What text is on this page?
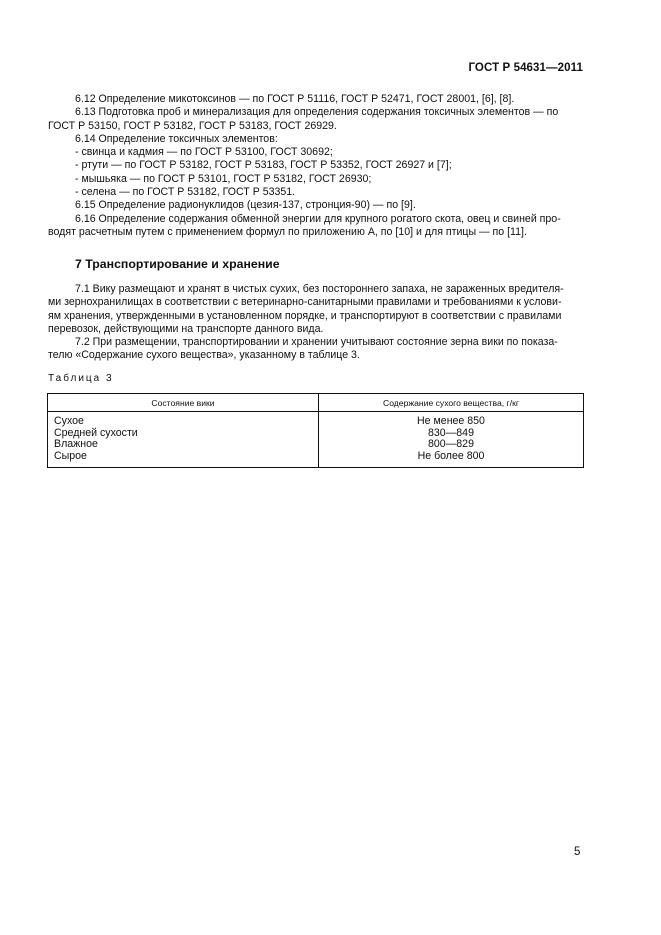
ГОСТ Р 54631—2011

6.12 Определение микотоксинов — по ГОСТ Р 51116, ГОСТ Р 52471, ГОСТ 28001, [6], [8].

6.13 Подготовка проб и минерализация для определения содержания токсичных элементов — по
ГОСТ Р 53150, ГОСТ Р 53182, ГОСТ Р 53183, ГОСТ 26929.

6.14 Определение токсичных элементов:

- свинца и кадмия — по ГОСТ Р 53100, ГОСТ 30692;

- ртути — по ГОСТ Р 53182, ГОСТ Р 53183, ГОСТ Р 53352, ГОСТ 26927 и [7];

- мышьяка — по ГОСТ Р 53101, ГОСТ Р 53182, ГОСТ 26930;

- селена — по ГОСТ Р 53182, ГОСТ Р 53351.

6.15 Определение радионуклидов (цезия-137, стронция-90) — по [9].

6.16 Определение содержания обменной энергии для крупного рогатого скота, овец и свиней про-
водят расчетным путем с применением формул по приложению А, по [10] и для птицы — по [11].

7 Транспортирование и хранение

7.1 Вику размещают и хранят в чистых сухих, без постороннего запаха, не зараженных вредителя-
ми зернохранилищах в соответствии с ветеринарно-санитарными правилами и требованиями к услови-
ям хранения, утвержденными в установленном порядке, и транспортируют в соответствии с правилами
перевозок, действующими на транспорте данного вида.

7.2 При размещении, транспортировании и хранении учитывают состояние зерна вики по показа-
телю «Содержание сухого вещества», указанному в таблице 3.

Таблица 3
Состояние вики	Содержание сухого вещества, г/кг
Сухое	Не менее 850
Средней сухости	830—849
Влажное	800—829
Сырое	Не более 800
5
